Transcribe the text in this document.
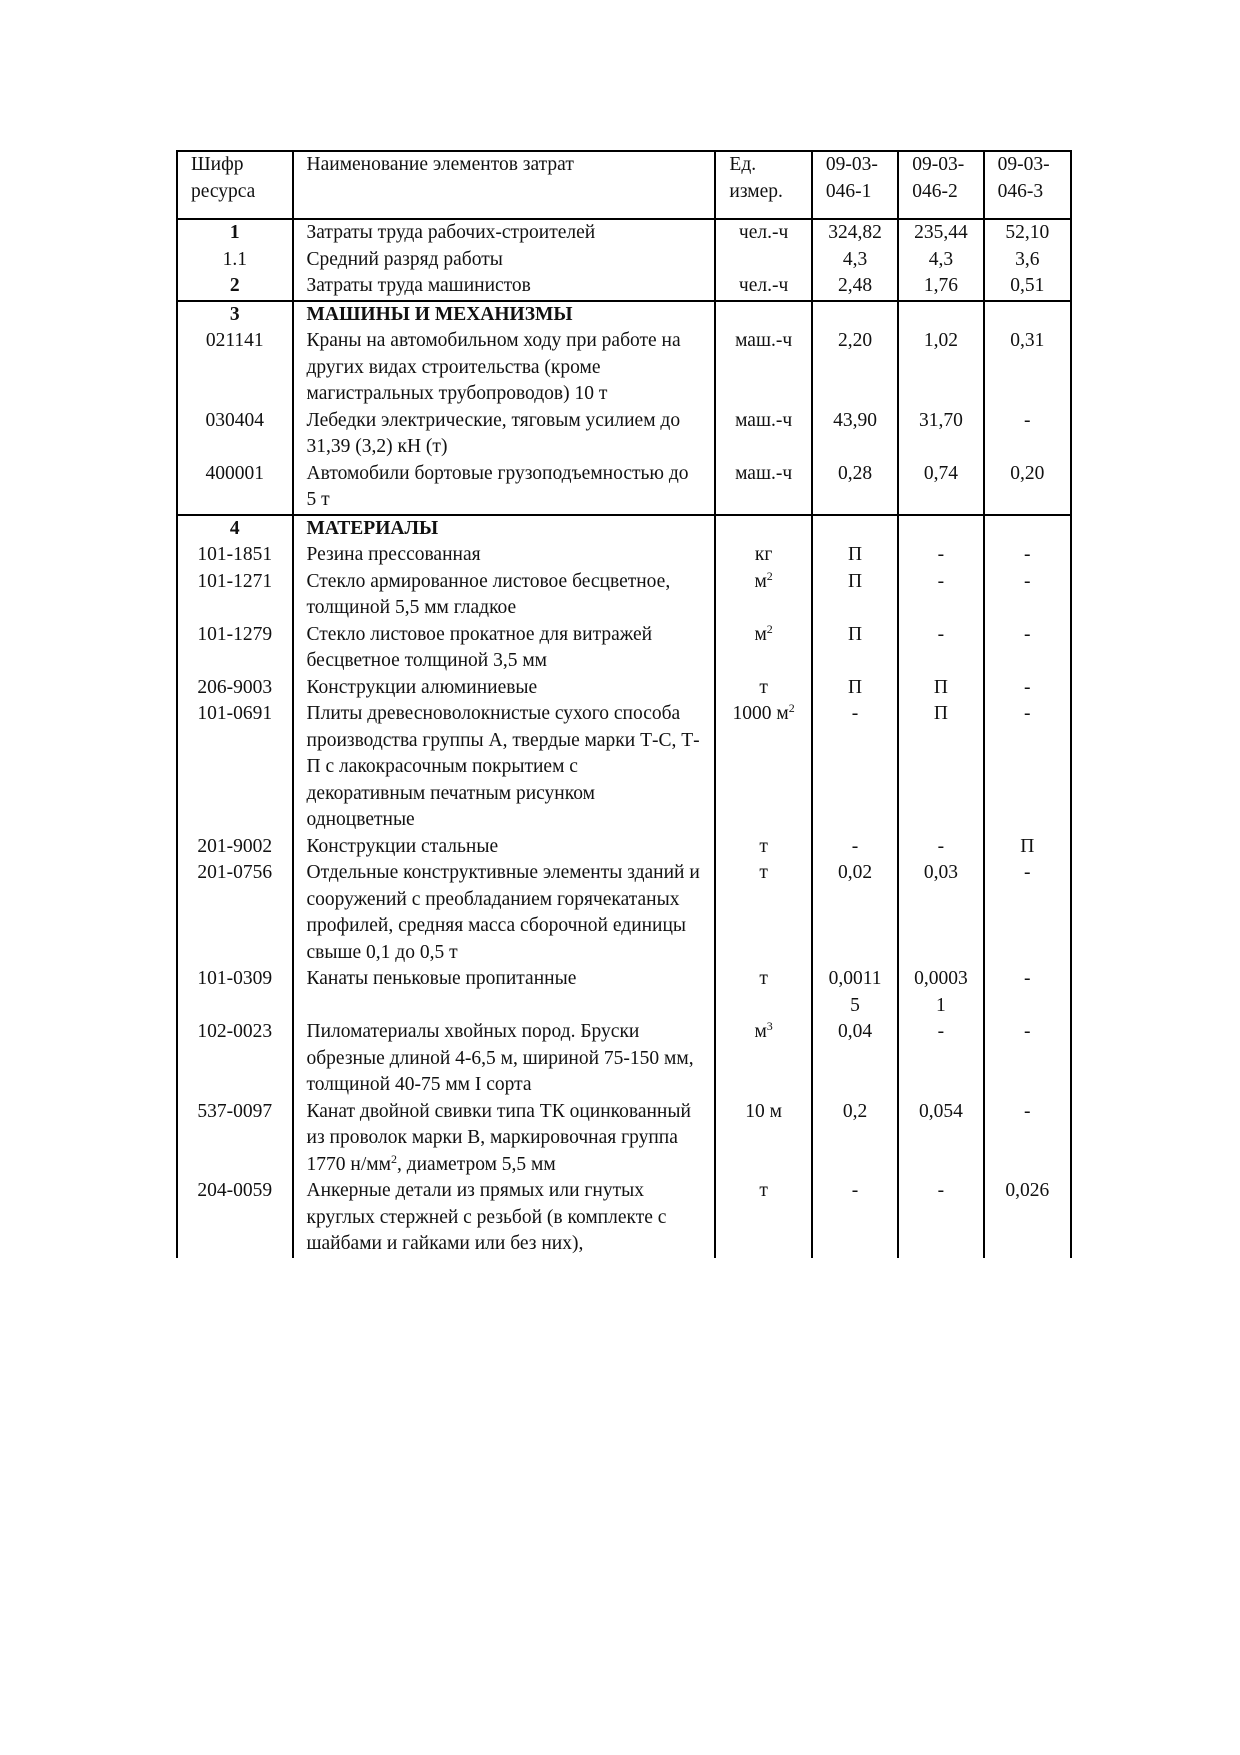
Шифр ресурса	Наименование элементов затрат	Ед. измер.	09-03-046-1	09-03-046-2	09-03-046-3
1	Затраты труда рабочих-строителей	чел.-ч	324,82	235,44	52,10
1.1	Средний разряд работы		4,3	4,3	3,6
2	Затраты труда машинистов	чел.-ч	2,48	1,76	0,51
3	МАШИНЫ И МЕХАНИЗМЫ				
021141	Краны на автомобильном ходу при работе на других видах строительства (кроме магистральных трубопроводов) 10 т	маш.-ч	2,20	1,02	0,31
030404	Лебедки электрические, тяговым усилием до 31,39 (3,2) кН (т)	маш.-ч	43,90	31,70	-
400001	Автомобили бортовые грузоподъемностью до 5 т	маш.-ч	0,28	0,74	0,20
4	МАТЕРИАЛЫ				
101-1851	Резина прессованная	кг	П	-	-
101-1271	Стекло армированное листовое бесцветное, толщиной 5,5 мм гладкое	$м^2$	П	-	-
101-1279	Стекло листовое прокатное для витражей бесцветное толщиной 3,5 мм	$м^2$	П	-	-
206-9003	Конструкции алюминиевые	т	П	П	-
101-0691	Плиты древесноволокнистые сухого способа производства группы А, твердые марки Т-С, Т-П с лакокрасочным покрытием с декоративным печатным рисунком одноцветные	1000 $м^2$	-	П	-
201-9002	Конструкции стальные	т	-	-	П
201-0756	Отдельные конструктивные элементы зданий и сооружений с преобладанием горячекатаных профилей, средняя масса сборочной единицы свыше 0,1 до 0,5 т	т	0,02	0,03	-
101-0309	Канаты пеньковые пропитанные	т	0,0011 5	0,0003 1	-
102-0023	Пиломатериалы хвойных пород. Бруски обрезные длиной 4-6,5 м, шириной 75-150 мм, толщиной 40-75 мм I сорта	$м^3$	0,04	-	-
537-0097	Канат двойной свивки типа ТК оцинкованный из проволок марки В, маркировочная группа 1770 $н/мм^2$, диаметром 5,5 мм	10 м	0,2	0,054	-
204-0059	Анкерные детали из прямых или гнутых круглых стержней с резьбой (в комплекте с шайбами и гайками или без них),	т	-	-	0,026
